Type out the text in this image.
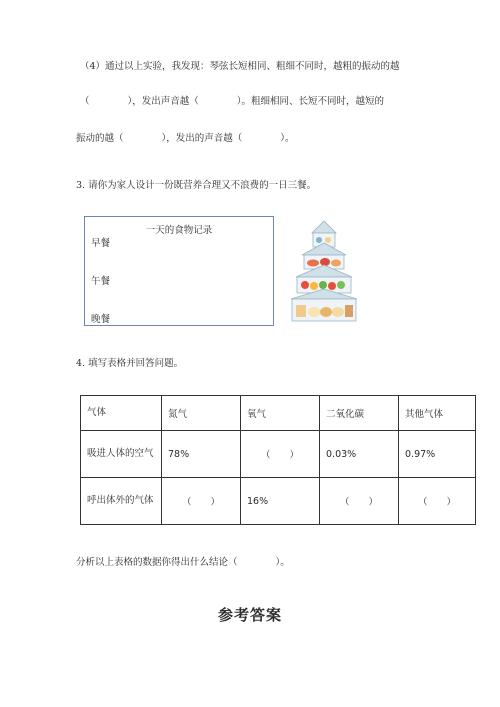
（4）通过以上实验，我发现：琴弦长短相同、粗细不同时，越粗的振动的越
（　　　　），发出声音越（　　　　）。粗细相同、长短不同时，越短的
振动的越（　　　　），发出的声音越（　　　　）。
3. 请你为家人设计一份既营养合理又不浪费的一日三餐。
一天的食物记录
早餐
午餐
晚餐
4. 填写表格并回答问题。
气体	氮气	氧气	二氧化碳	其他气体
吸进人体的空气	78%	（　　）	0.03%	0.97%
呼出体外的气体	（　　）	16%	（　　）	（　　）
分析以上表格的数据你得出什么结论（　　　　）。
参考答案
